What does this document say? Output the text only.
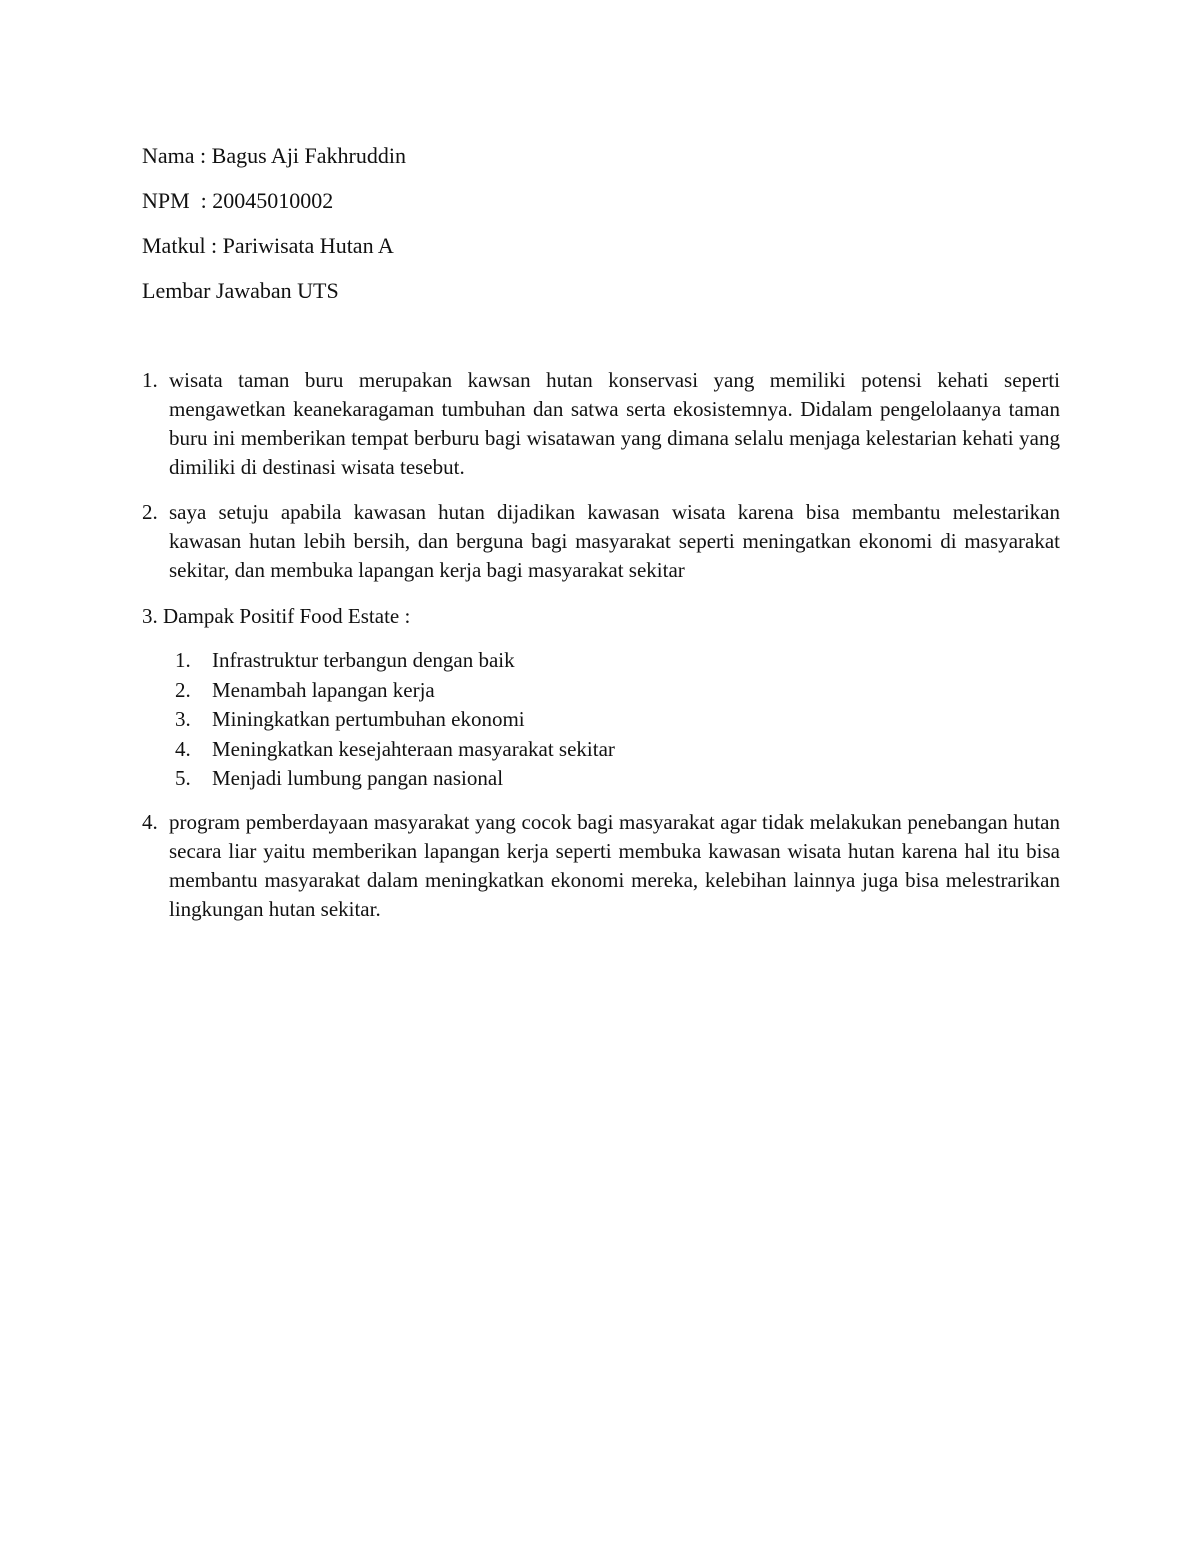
Nama : Bagus Aji Fakhruddin
NPM  : 20045010002
Matkul : Pariwisata Hutan A
Lembar Jawaban UTS
1. wisata taman buru merupakan kawsan hutan konservasi yang memiliki potensi kehati seperti mengawetkan keanekaragaman tumbuhan dan satwa serta ekosistemnya. Didalam pengelolaanya taman buru ini memberikan tempat berburu bagi wisatawan yang dimana selalu menjaga kelestarian kehati yang dimiliki di destinasi wisata tesebut.
2. saya setuju apabila kawasan hutan dijadikan kawasan wisata karena bisa membantu melestarikan kawasan hutan lebih bersih, dan berguna bagi masyarakat seperti meningatkan ekonomi di masyarakat sekitar, dan membuka lapangan kerja bagi masyarakat sekitar
3. Dampak Positif Food Estate :
1. Infrastruktur terbangun dengan baik
2. Menambah lapangan kerja
3. Miningkatkan pertumbuhan ekonomi
4. Meningkatkan kesejahteraan masyarakat sekitar
5. Menjadi lumbung pangan nasional
4. program pemberdayaan masyarakat yang cocok bagi masyarakat agar tidak melakukan penebangan hutan secara liar yaitu memberikan lapangan kerja seperti membuka kawasan wisata hutan karena hal itu bisa membantu masyarakat dalam meningkatkan ekonomi mereka, kelebihan lainnya juga bisa melestrarikan lingkungan hutan sekitar.
